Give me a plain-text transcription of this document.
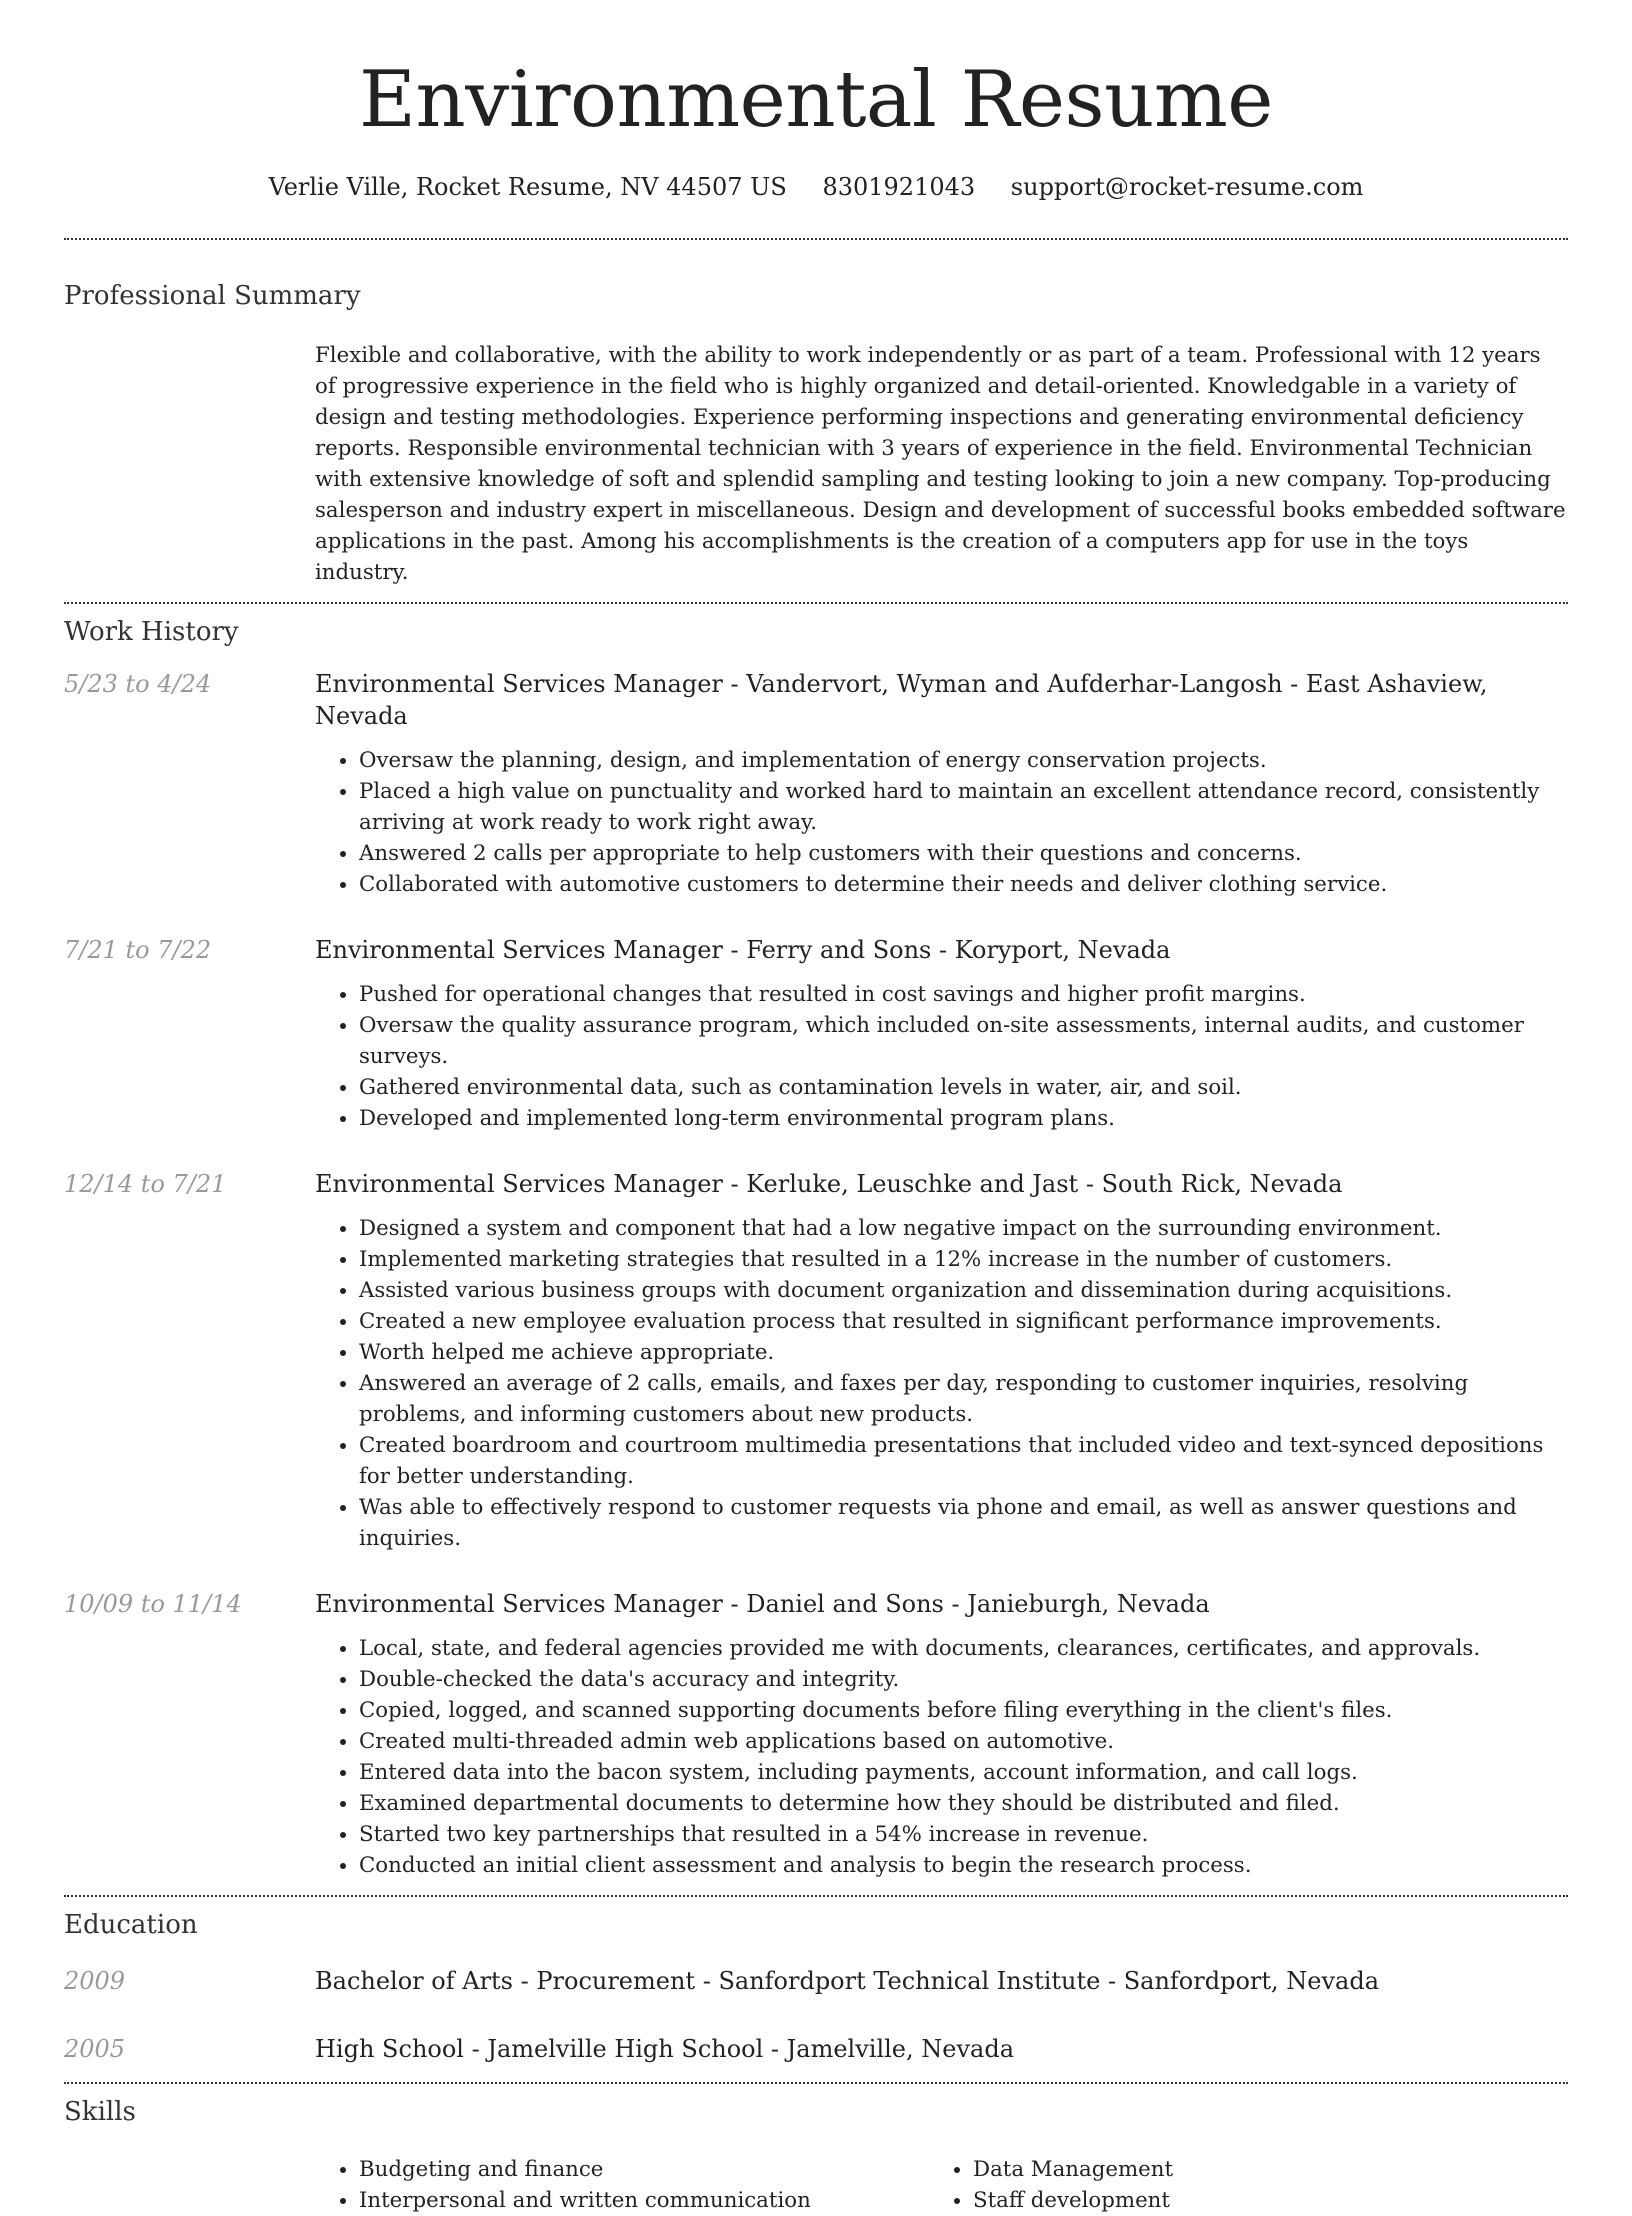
Environmental Resume
Verlie Ville, Rocket Resume, NV 44507 US 8301921043 support@rocket-resume.com
Professional Summary

Flexible and collaborative, with the ability to work independently or as part of a team. Professional with 12 years of progressive experience in the field who is highly organized and detail-oriented. Knowledgable in a variety of design and testing methodologies. Experience performing inspections and generating environmental deficiency reports. Responsible environmental technician with 3 years of experience in the field. Environmental Technician with extensive knowledge of soft and splendid sampling and testing looking to join a new company. Top-producing salesperson and industry expert in miscellaneous. Design and development of successful books embedded software applications in the past. Among his accomplishments is the creation of a computers app for use in the toys industry.

Work History
5/23 to 4/24	Environmental Services Manager - Vandervort, Wyman and Aufderhar-Langosh - East Ashaview, Nevada
• Oversaw the planning, design, and implementation of energy conservation projects.
• Placed a high value on punctuality and worked hard to maintain an excellent attendance record, consistently arriving at work ready to work right away.
• Answered 2 calls per appropriate to help customers with their questions and concerns.
• Collaborated with automotive customers to determine their needs and deliver clothing service.
7/21 to 7/22	Environmental Services Manager - Ferry and Sons - Koryport, Nevada
• Pushed for operational changes that resulted in cost savings and higher profit margins.
• Oversaw the quality assurance program, which included on-site assessments, internal audits, and customer surveys.
• Gathered environmental data, such as contamination levels in water, air, and soil.
• Developed and implemented long-term environmental program plans.
12/14 to 7/21	Environmental Services Manager - Kerluke, Leuschke and Jast - South Rick, Nevada
• Designed a system and component that had a low negative impact on the surrounding environment.
• Implemented marketing strategies that resulted in a 12% increase in the number of customers.
• Assisted various business groups with document organization and dissemination during acquisitions.
• Created a new employee evaluation process that resulted in significant performance improvements.
• Worth helped me achieve appropriate.
• Answered an average of 2 calls, emails, and faxes per day, responding to customer inquiries, resolving problems, and informing customers about new products.
• Created boardroom and courtroom multimedia presentations that included video and text-synced depositions for better understanding.
• Was able to effectively respond to customer requests via phone and email, as well as answer questions and inquiries.
10/09 to 11/14	Environmental Services Manager - Daniel and Sons - Janieburgh, Nevada
• Local, state, and federal agencies provided me with documents, clearances, certificates, and approvals.
• Double-checked the data's accuracy and integrity.
• Copied, logged, and scanned supporting documents before filing everything in the client's files.
• Created multi-threaded admin web applications based on automotive.
• Entered data into the bacon system, including payments, account information, and call logs.
• Examined departmental documents to determine how they should be distributed and filed.
• Started two key partnerships that resulted in a 54% increase in revenue.
• Conducted an initial client assessment and analysis to begin the research process.
Education
2009	Bachelor of Arts - Procurement - Sanfordport Technical Institute - Sanfordport, Nevada
2005	High School - Jamelville High School - Jamelville, Nevada
Skills
• Budgeting and finance
• Interpersonal and written communication
• Data Management
• Staff development
